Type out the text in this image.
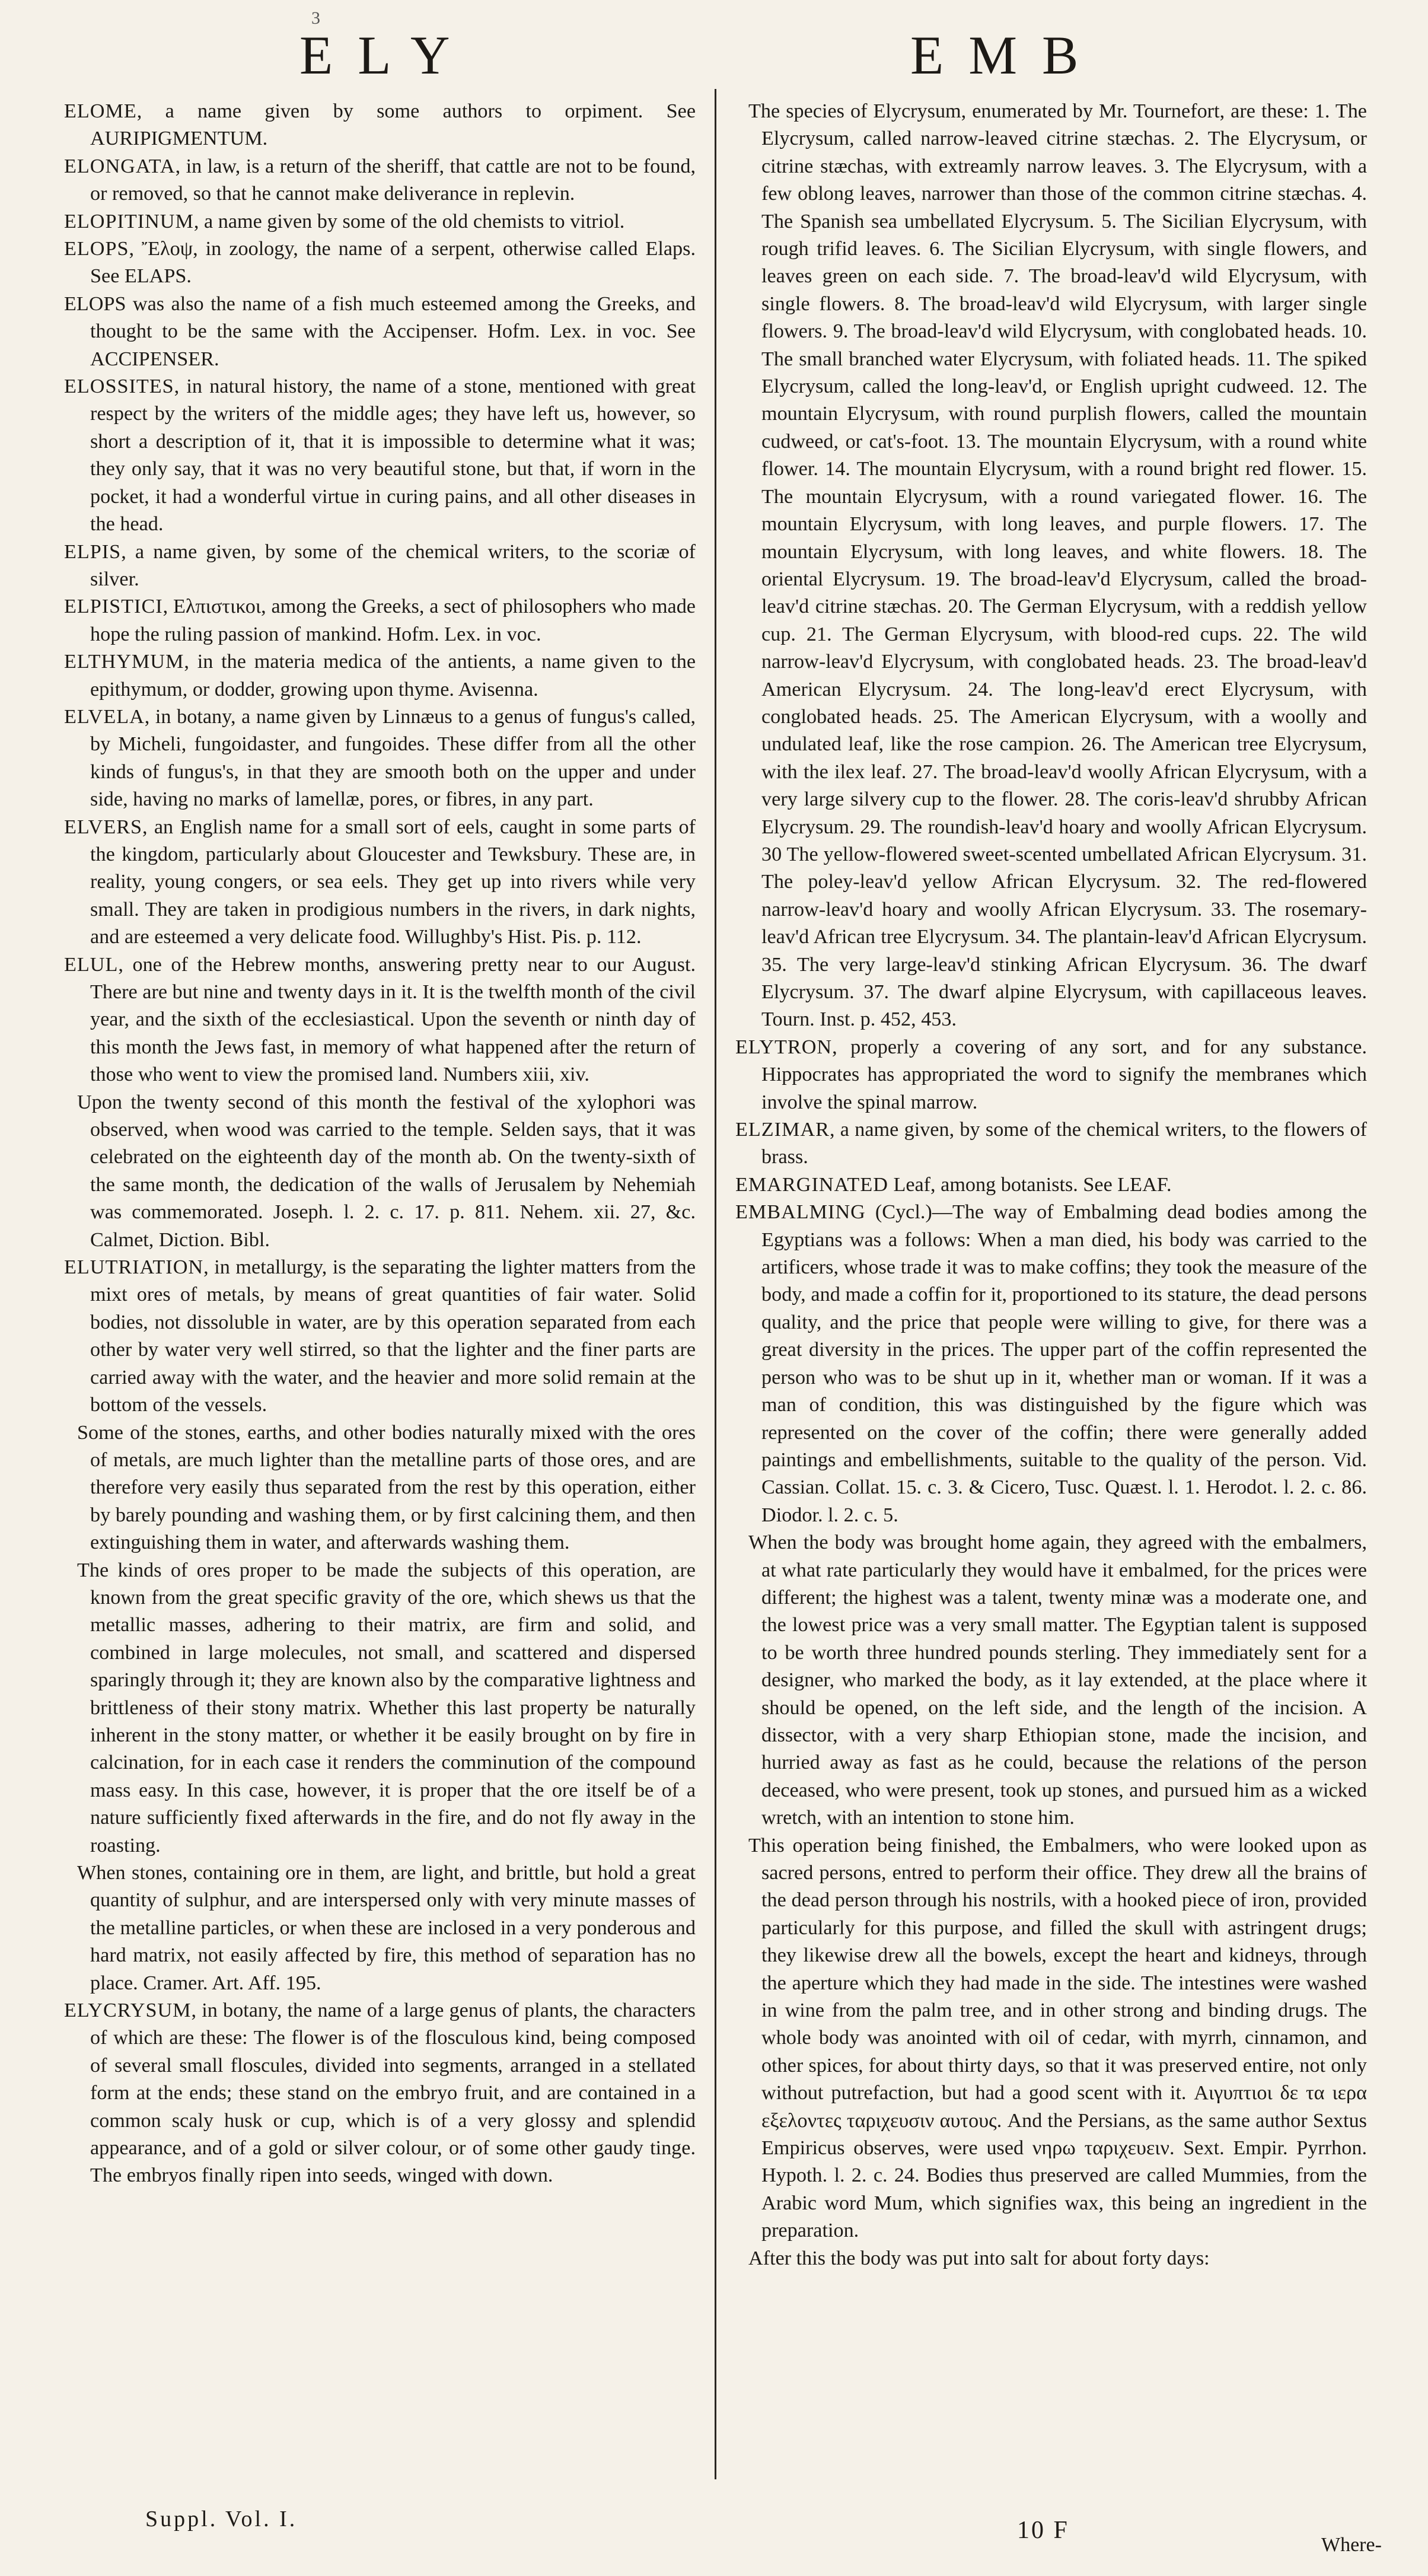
3
ELY	EMB

ELOME, a name given by some authors to orpiment. See AURIPIGMENTUM.

ELONGATA, in law, is a return of the sheriff, that cattle are not to be found, or removed, so that he cannot make deliverance in replevin.

ELOPITINUM, a name given by some of the old chemists to vitriol.

ELOPS, Ἔλοψ, in zoology, the name of a serpent, otherwise called Elaps. See ELAPS.

ELOPS was also the name of a fish much esteemed among the Greeks, and thought to be the same with the Accipenser. Hofm. Lex. in voc. See ACCIPENSER.

ELOSSITES, in natural history, the name of a stone, mentioned with great respect by the writers of the middle ages; they have left us, however, so short a description of it, that it is impossible to determine what it was; they only say, that it was no very beautiful stone, but that, if worn in the pocket, it had a wonderful virtue in curing pains, and all other diseases in the head.

ELPIS, a name given, by some of the chemical writers, to the scoriæ of silver.

ELPISTICI, Ελπιστικοι, among the Greeks, a sect of philosophers who made hope the ruling passion of mankind. Hofm. Lex. in voc.

ELTHYMUM, in the materia medica of the antients, a name given to the epithymum, or dodder, growing upon thyme. Avisenna.

ELVELA, in botany, a name given by Linnæus to a genus of fungus's called, by Micheli, fungoidaster, and fungoides. These differ from all the other kinds of fungus's, in that they are smooth both on the upper and under side, having no marks of lamellæ, pores, or fibres, in any part.

ELVERS, an English name for a small sort of eels, caught in some parts of the kingdom, particularly about Gloucester and Tewksbury. These are, in reality, young congers, or sea eels. They get up into rivers while very small. They are taken in prodigious numbers in the rivers, in dark nights, and are esteemed a very delicate food. Willughby's Hist. Pis. p. 112.

ELUL, one of the Hebrew months, answering pretty near to our August. There are but nine and twenty days in it. It is the twelfth month of the civil year, and the sixth of the ecclesiastical. Upon the seventh or ninth day of this month the Jews fast, in memory of what happened after the return of those who went to view the promised land. Numbers xiii, xiv.

Upon the twenty second of this month the festival of the xylophori was observed, when wood was carried to the temple. Selden says, that it was celebrated on the eighteenth day of the month ab. On the twenty-sixth of the same month, the dedication of the walls of Jerusalem by Nehemiah was commemorated. Joseph. l. 2. c. 17. p. 811. Nehem. xii. 27, &c. Calmet, Diction. Bibl.

ELUTRIATION, in metallurgy, is the separating the lighter matters from the mixt ores of metals, by means of great quantities of fair water. Solid bodies, not dissoluble in water, are by this operation separated from each other by water very well stirred, so that the lighter and the finer parts are carried away with the water, and the heavier and more solid remain at the bottom of the vessels.

Some of the stones, earths, and other bodies naturally mixed with the ores of metals, are much lighter than the metalline parts of those ores, and are therefore very easily thus separated from the rest by this operation, either by barely pounding and washing them, or by first calcining them, and then extinguishing them in water, and afterwards washing them.

The kinds of ores proper to be made the subjects of this operation, are known from the great specific gravity of the ore, which shews us that the metallic masses, adhering to their matrix, are firm and solid, and combined in large molecules, not small, and scattered and dispersed sparingly through it; they are known also by the comparative lightness and brittleness of their stony matrix. Whether this last property be naturally inherent in the stony matter, or whether it be easily brought on by fire in calcination, for in each case it renders the comminution of the compound mass easy. In this case, however, it is proper that the ore itself be of a nature sufficiently fixed afterwards in the fire, and do not fly away in the roasting.

When stones, containing ore in them, are light, and brittle, but hold a great quantity of sulphur, and are interspersed only with very minute masses of the metalline particles, or when these are inclosed in a very ponderous and hard matrix, not easily affected by fire, this method of separation has no place. Cramer. Art. Aff. 195.

ELYCRYSUM, in botany, the name of a large genus of plants, the characters of which are these: The flower is of the flosculous kind, being composed of several small floscules, divided into segments, arranged in a stellated form at the ends; these stand on the embryo fruit, and are contained in a common scaly husk or cup, which is of a very glossy and splendid appearance, and of a gold or silver colour, or of some other gaudy tinge. The embryos finally ripen into seeds, winged with down.

The species of Elycrysum, enumerated by Mr. Tournefort, are these: 1. The Elycrysum, called narrow-leaved citrine stæchas. 2. The Elycrysum, or citrine stæchas, with extreamly narrow leaves. 3. The Elycrysum, with a few oblong leaves, narrower than those of the common citrine stæchas. 4. The Spanish sea umbellated Elycrysum. 5. The Sicilian Elycrysum, with rough trifid leaves. 6. The Sicilian Elycrysum, with single flowers, and leaves green on each side. 7. The broad-leav'd wild Elycrysum, with single flowers. 8. The broad-leav'd wild Elycrysum, with larger single flowers. 9. The broad-leav'd wild Elycrysum, with conglobated heads. 10. The small branched water Elycrysum, with foliated heads. 11. The spiked Elycrysum, called the long-leav'd, or English upright cudweed. 12. The mountain Elycrysum, with round purplish flowers, called the mountain cudweed, or cat's-foot. 13. The mountain Elycrysum, with a round white flower. 14. The mountain Elycrysum, with a round bright red flower. 15. The mountain Elycrysum, with a round variegated flower. 16. The mountain Elycrysum, with long leaves, and purple flowers. 17. The mountain Elycrysum, with long leaves, and white flowers. 18. The oriental Elycrysum. 19. The broad-leav'd Elycrysum, called the broad-leav'd citrine stæchas. 20. The German Elycrysum, with a reddish yellow cup. 21. The German Elycrysum, with blood-red cups. 22. The wild narrow-leav'd Elycrysum, with conglobated heads. 23. The broad-leav'd American Elycrysum. 24. The long-leav'd erect Elycrysum, with conglobated heads. 25. The American Elycrysum, with a woolly and undulated leaf, like the rose campion. 26. The American tree Elycrysum, with the ilex leaf. 27. The broad-leav'd woolly African Elycrysum, with a very large silvery cup to the flower. 28. The coris-leav'd shrubby African Elycrysum. 29. The roundish-leav'd hoary and woolly African Elycrysum. 30 The yellow-flowered sweet-scented umbellated African Elycrysum. 31. The poley-leav'd yellow African Elycrysum. 32. The red-flowered narrow-leav'd hoary and woolly African Elycrysum. 33. The rosemary-leav'd African tree Elycrysum. 34. The plantain-leav'd African Elycrysum. 35. The very large-leav'd stinking African Elycrysum. 36. The dwarf Elycrysum. 37. The dwarf alpine Elycrysum, with capillaceous leaves. Tourn. Inst. p. 452, 453.

ELYTRON, properly a covering of any sort, and for any substance. Hippocrates has appropriated the word to signify the membranes which involve the spinal marrow.

ELZIMAR, a name given, by some of the chemical writers, to the flowers of brass.

EMARGINATED Leaf, among botanists. See LEAF.

EMBALMING (Cycl.)—The way of Embalming dead bodies among the Egyptians was a follows: When a man died, his body was carried to the artificers, whose trade it was to make coffins; they took the measure of the body, and made a coffin for it, proportioned to its stature, the dead persons quality, and the price that people were willing to give, for there was a great diversity in the prices. The upper part of the coffin represented the person who was to be shut up in it, whether man or woman. If it was a man of condition, this was distinguished by the figure which was represented on the cover of the coffin; there were generally added paintings and embellishments, suitable to the quality of the person. Vid. Cassian. Collat. 15. c. 3. & Cicero, Tusc. Quæst. l. 1. Herodot. l. 2. c. 86. Diodor. l. 2. c. 5.

When the body was brought home again, they agreed with the embalmers, at what rate particularly they would have it embalmed, for the prices were different; the highest was a talent, twenty minæ was a moderate one, and the lowest price was a very small matter. The Egyptian talent is supposed to be worth three hundred pounds sterling. They immediately sent for a designer, who marked the body, as it lay extended, at the place where it should be opened, on the left side, and the length of the incision. A dissector, with a very sharp Ethiopian stone, made the incision, and hurried away as fast as he could, because the relations of the person deceased, who were present, took up stones, and pursued him as a wicked wretch, with an intention to stone him.

This operation being finished, the Embalmers, who were looked upon as sacred persons, entred to perform their office. They drew all the brains of the dead person through his nostrils, with a hooked piece of iron, provided particularly for this purpose, and filled the skull with astringent drugs; they likewise drew all the bowels, except the heart and kidneys, through the aperture which they had made in the side. The intestines were washed in wine from the palm tree, and in other strong and binding drugs. The whole body was anointed with oil of cedar, with myrrh, cinnamon, and other spices, for about thirty days, so that it was preserved entire, not only without putrefaction, but had a good scent with it. Αιγυπτιοι δε τα ιερα εξελοντες ταριχευσιν αυτους. And the Persians, as the same author Sextus Empiricus observes, were used νηρω ταριχευειν. Sext. Empir. Pyrrhon. Hypoth. l. 2. c. 24. Bodies thus preserved are called Mummies, from the Arabic word Mum, which signifies wax, this being an ingredient in the preparation.

After this the body was put into salt for about forty days:

Suppl. Vol. I.	10 F
Where-
